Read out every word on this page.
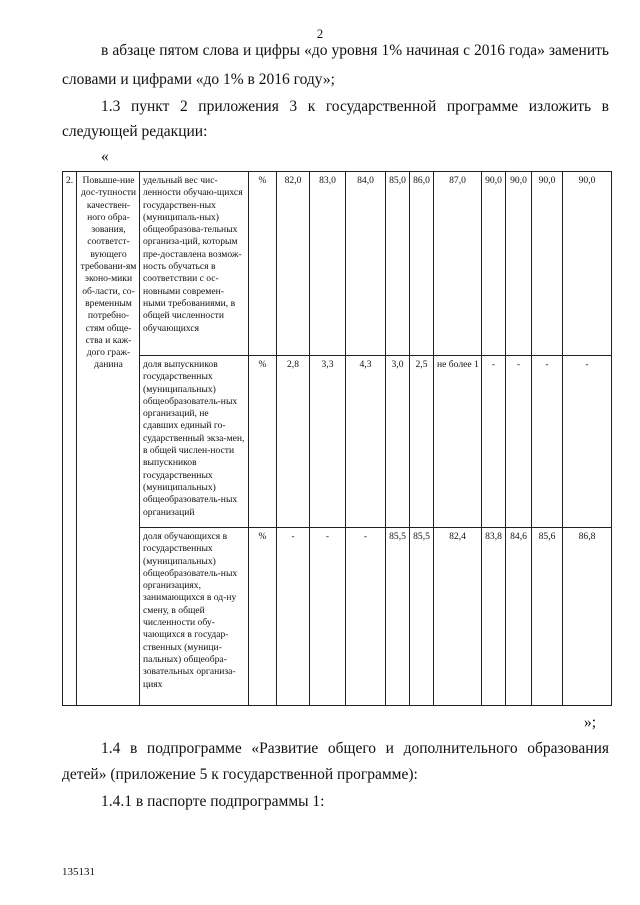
2
в абзаце пятом слова и цифры «до уровня 1% начиная с 2016 года» заменить
словами и цифрами «до 1% в 2016 году»;
1.3 пункт 2 приложения 3 к государственной программе изложить в
следующей редакции:
«
2.	Повыше-ние дос-тупности качествен-ного обра-зования, соответст-вующего требовани-ям эконо-мики об-ласти, со-временным потребно-стям обще-ства и каж-дого граж-данина	удельный вес чис-ленности обучаю-щихся государствен-ных (муниципаль-ных) общеобразова-тельных организа-ций, которым пре-доставлена возмож-ность обучаться в соответствии с ос-новными современ-ными требованиями, в общей численности обучающихся	%	82,0	83,0	84,0	85,0	86,0	87,0	90,0	90,0	90,0	90,0
		доля выпускников государственных (муниципальных) общеобразователь-ных организаций, не сдавших единый го-сударственный экза-мен, в общей числен-ности выпускников государственных (муниципальных) общеобразователь-ных организаций	%	2,8	3,3	4,3	3,0	2,5	не более 1	-	-	-	-
		доля обучающихся в государственных (муниципальных) общеобразователь-ных организациях, занимающихся в од-ну смену, в общей численности обу-чающихся в государ-ственных (муници-пальных) общеобра-зовательных организа-циях	%	-	-	-	85,5	85,5	82,4	83,8	84,6	85,6	86,8
»;
1.4 в подпрограмме «Развитие общего и дополнительного образования
детей» (приложение 5 к государственной программе):
1.4.1 в паспорте подпрограммы 1:
135131
